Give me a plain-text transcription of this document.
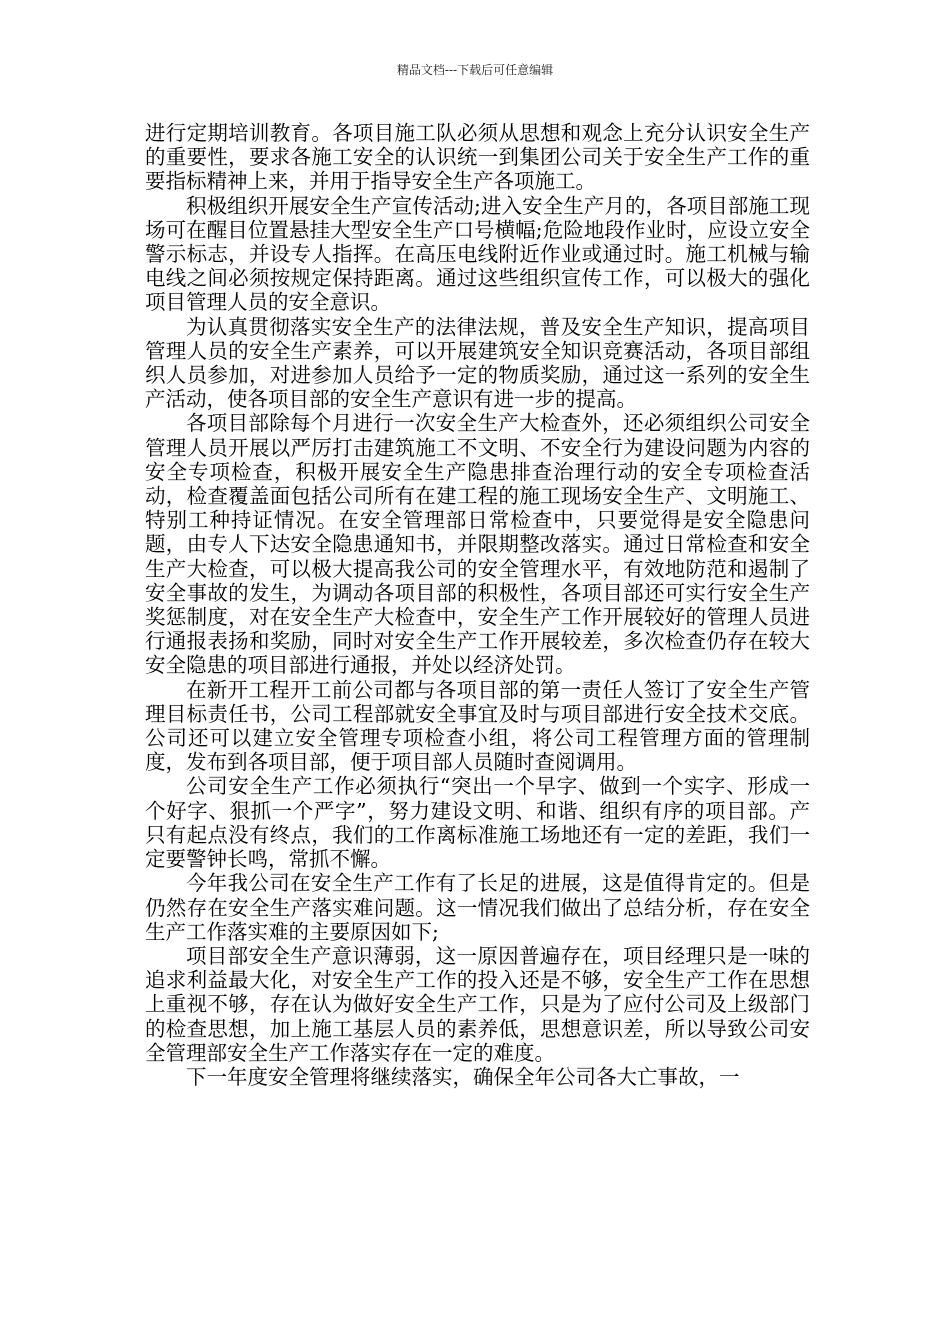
精品文档---下载后可任意编辑

进行定期培训教育。各项目施工队必须从思想和观念上充分认识安全生产的重要性，要求各施工安全的认识统一到集团公司关于安全生产工作的重要指标精神上来，并用于指导安全生产各项施工。

积极组织开展安全生产宣传活动;进入安全生产月的，各项目部施工现场可在醒目位置悬挂大型安全生产口号横幅;危险地段作业时，应设立安全警示标志，并设专人指挥。在高压电线附近作业或通过时。施工机械与输电线之间必须按规定保持距离。通过这些组织宣传工作，可以极大的强化项目管理人员的安全意识。

为认真贯彻落实安全生产的法律法规，普及安全生产知识，提高项目管理人员的安全生产素养，可以开展建筑安全知识竞赛活动，各项目部组织人员参加，对进参加人员给予一定的物质奖励，通过这一系列的安全生产活动，使各项目部的安全生产意识有进一步的提高。

各项目部除每个月进行一次安全生产大检查外，还必须组织公司安全管理人员开展以严厉打击建筑施工不文明、不安全行为建设问题为内容的安全专项检查，积极开展安全生产隐患排查治理行动的安全专项检查活动，检查覆盖面包括公司所有在建工程的施工现场安全生产、文明施工、特别工种持证情况。在安全管理部日常检查中，只要觉得是安全隐患问题，由专人下达安全隐患通知书，并限期整改落实。通过日常检查和安全生产大检查，可以极大提高我公司的安全管理水平，有效地防范和遏制了安全事故的发生，为调动各项目部的积极性，各项目部还可实行安全生产奖惩制度，对在安全生产大检查中，安全生产工作开展较好的管理人员进行通报表扬和奖励，同时对安全生产工作开展较差，多次检查仍存在较大安全隐患的项目部进行通报，并处以经济处罚。

在新开工程开工前公司都与各项目部的第一责任人签订了安全生产管理目标责任书，公司工程部就安全事宜及时与项目部进行安全技术交底。公司还可以建立安全管理专项检查小组，将公司工程管理方面的管理制度，发布到各项目部，便于项目部人员随时查阅调用。

公司安全生产工作必须执行“突出一个早字、做到一个实字、形成一个好字、狠抓一个严字”，努力建设文明、和谐、组织有序的项目部。产只有起点没有终点，我们的工作离标准施工场地还有一定的差距，我们一定要警钟长鸣，常抓不懈。

今年我公司在安全生产工作有了长足的进展，这是值得肯定的。但是仍然存在安全生产落实难问题。这一情况我们做出了总结分析，存在安全生产工作落实难的主要原因如下;

项目部安全生产意识薄弱，这一原因普遍存在，项目经理只是一味的追求利益最大化，对安全生产工作的投入还是不够，安全生产工作在思想上重视不够，存在认为做好安全生产工作，只是为了应付公司及上级部门的检查思想，加上施工基层人员的素养低，思想意识差，所以导致公司安全管理部安全生产工作落实存在一定的难度。

下一年度安全管理将继续落实，确保全年公司各大亡事故，一
